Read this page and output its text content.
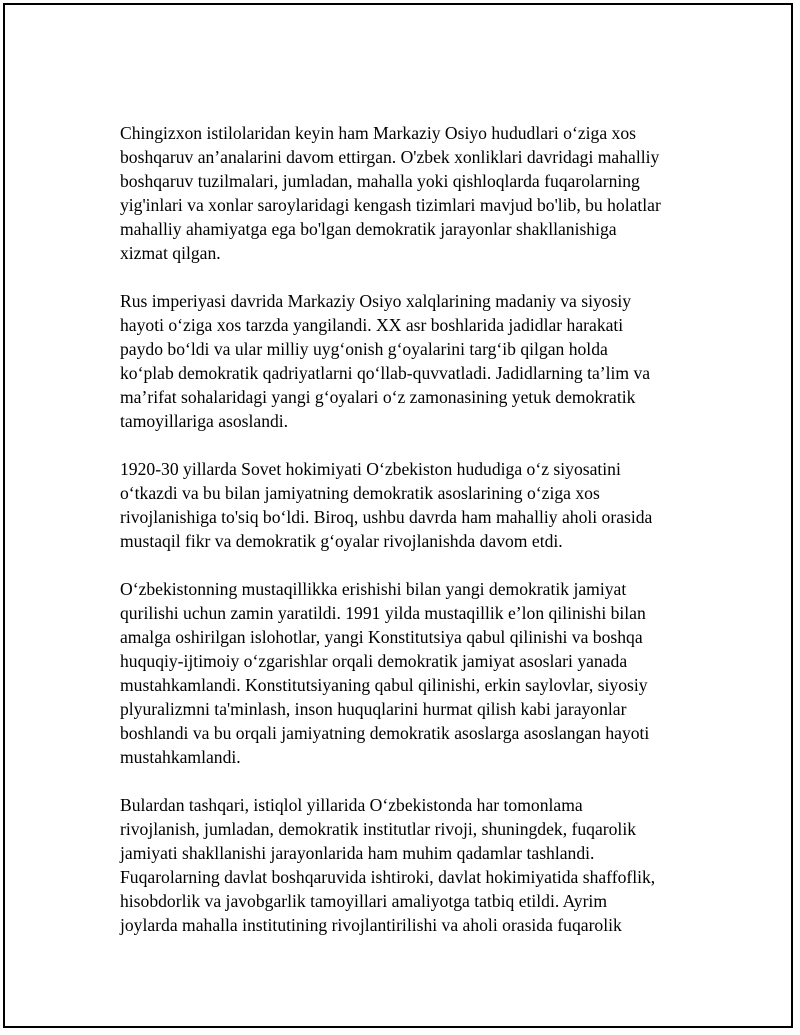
Chingizxon istilolaridan keyin ham Markaziy Osiyo hududlari o‘ziga xos
boshqaruv an’analarini davom ettirgan. O'zbek xonliklari davridagi mahalliy
boshqaruv tuzilmalari, jumladan, mahalla yoki qishloqlarda fuqarolarning
yig'inlari va xonlar saroylaridagi kengash tizimlari mavjud bo'lib, bu holatlar
mahalliy ahamiyatga ega bo'lgan demokratik jarayonlar shakllanishiga
xizmat qilgan.

Rus imperiyasi davrida Markaziy Osiyo xalqlarining madaniy va siyosiy
hayoti o‘ziga xos tarzda yangilandi. XX asr boshlarida jadidlar harakati
paydo bo‘ldi va ular milliy uyg‘onish g‘oyalarini targ‘ib qilgan holda
ko‘plab demokratik qadriyatlarni qo‘llab-quvvatladi. Jadidlarning ta’lim va
ma’rifat sohalaridagi yangi g‘oyalari o‘z zamonasining yetuk demokratik
tamoyillariga asoslandi.

1920-30 yillarda Sovet hokimiyati O‘zbekiston hududiga o‘z siyosatini
o‘tkazdi va bu bilan jamiyatning demokratik asoslarining o‘ziga xos
rivojlanishiga to'siq bo‘ldi. Biroq, ushbu davrda ham mahalliy aholi orasida
mustaqil fikr va demokratik g‘oyalar rivojlanishda davom etdi.

O‘zbekistonning mustaqillikka erishishi bilan yangi demokratik jamiyat
qurilishi uchun zamin yaratildi. 1991 yilda mustaqillik e’lon qilinishi bilan
amalga oshirilgan islohotlar, yangi Konstitutsiya qabul qilinishi va boshqa
huquqiy-ijtimoiy o‘zgarishlar orqali demokratik jamiyat asoslari yanada
mustahkamlandi. Konstitutsiyaning qabul qilinishi, erkin saylovlar, siyosiy
plyuralizmni ta'minlash, inson huquqlarini hurmat qilish kabi jarayonlar
boshlandi va bu orqali jamiyatning demokratik asoslarga asoslangan hayoti
mustahkamlandi.

Bulardan tashqari, istiqlol yillarida O‘zbekistonda har tomonlama
rivojlanish, jumladan, demokratik institutlar rivoji, shuningdek, fuqarolik
jamiyati shakllanishi jarayonlarida ham muhim qadamlar tashlandi.
Fuqarolarning davlat boshqaruvida ishtiroki, davlat hokimiyatida shaffoflik,
hisobdorlik va javobgarlik tamoyillari amaliyotga tatbiq etildi. Ayrim
joylarda mahalla institutining rivojlantirilishi va aholi orasida fuqarolik
